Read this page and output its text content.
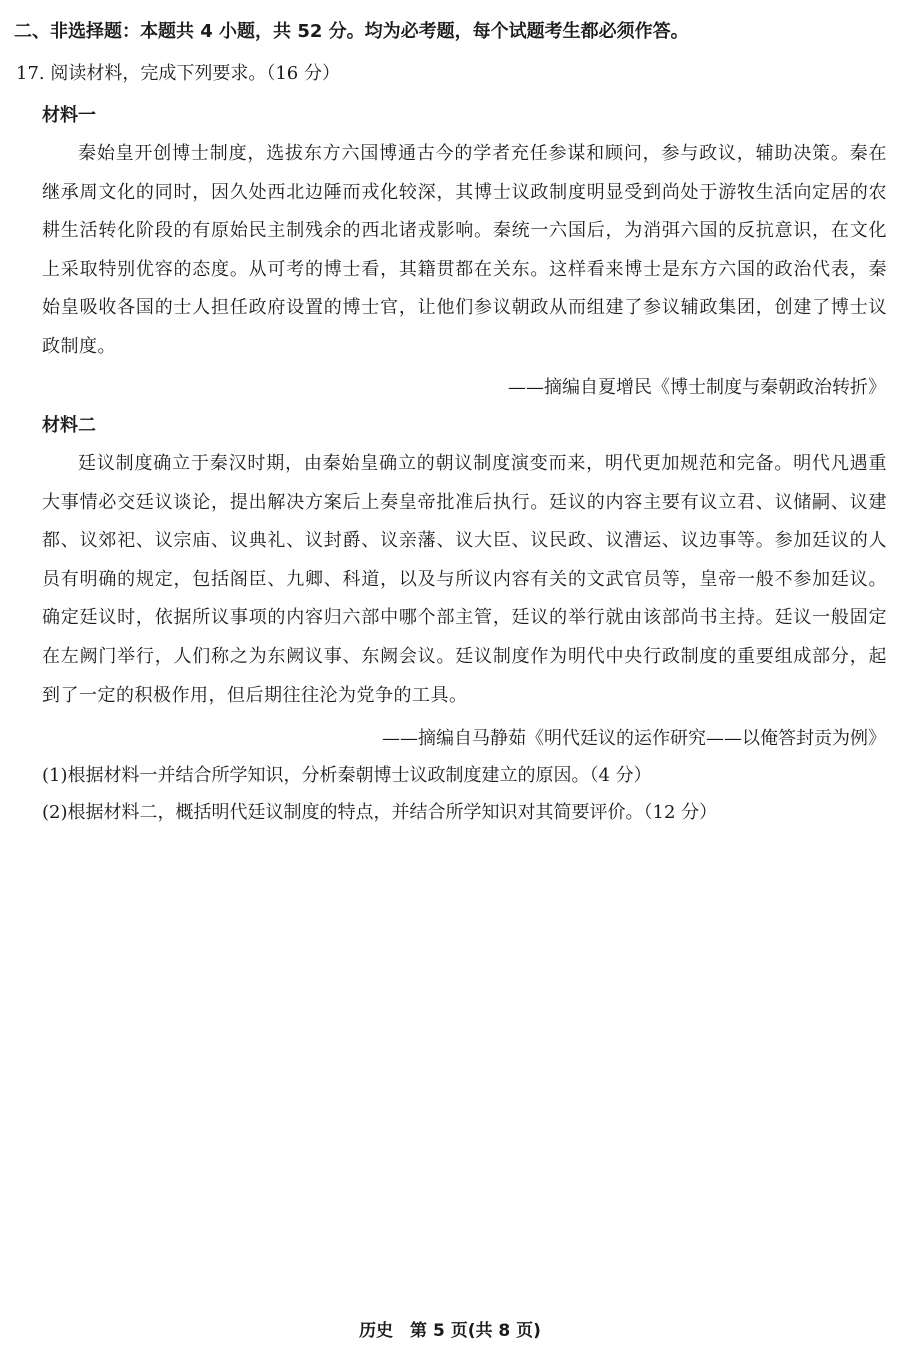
二、非选择题：本题共 4 小题，共 52 分。均为必考题，每个试题考生都必须作答。
17. 阅读材料，完成下列要求。（16 分）
材料一
秦始皇开创博士制度，选拔东方六国博通古今的学者充任参谋和顾问，参与政议，辅助决策。秦在继承周文化的同时，因久处西北边陲而戎化较深，其博士议政制度明显受到尚处于游牧生活向定居的农耕生活转化阶段的有原始民主制残余的西北诸戎影响。秦统一六国后，为消弭六国的反抗意识，在文化上采取特别优容的态度。从可考的博士看，其籍贯都在关东。这样看来博士是东方六国的政治代表，秦始皇吸收各国的士人担任政府设置的博士官，让他们参议朝政从而组建了参议辅政集团，创建了博士议政制度。
——摘编自夏增民《博士制度与秦朝政治转折》
材料二
廷议制度确立于秦汉时期，由秦始皇确立的朝议制度演变而来，明代更加规范和完备。明代凡遇重大事情必交廷议谈论，提出解决方案后上奏皇帝批准后执行。廷议的内容主要有议立君、议储嗣、议建都、议郊祀、议宗庙、议典礼、议封爵、议亲藩、议大臣、议民政、议漕运、议边事等。参加廷议的人员有明确的规定，包括阁臣、九卿、科道，以及与所议内容有关的文武官员等，皇帝一般不参加廷议。确定廷议时，依据所议事项的内容归六部中哪个部主管，廷议的举行就由该部尚书主持。廷议一般固定在左阙门举行，人们称之为东阙议事、东阙会议。廷议制度作为明代中央行政制度的重要组成部分，起到了一定的积极作用，但后期往往沦为党争的工具。
——摘编自马静茹《明代廷议的运作研究——以俺答封贡为例》
(1)根据材料一并结合所学知识，分析秦朝博士议政制度建立的原因。（4 分）
(2)根据材料二，概括明代廷议制度的特点，并结合所学知识对其简要评价。（12 分）
历史　第 5 页(共 8 页)
